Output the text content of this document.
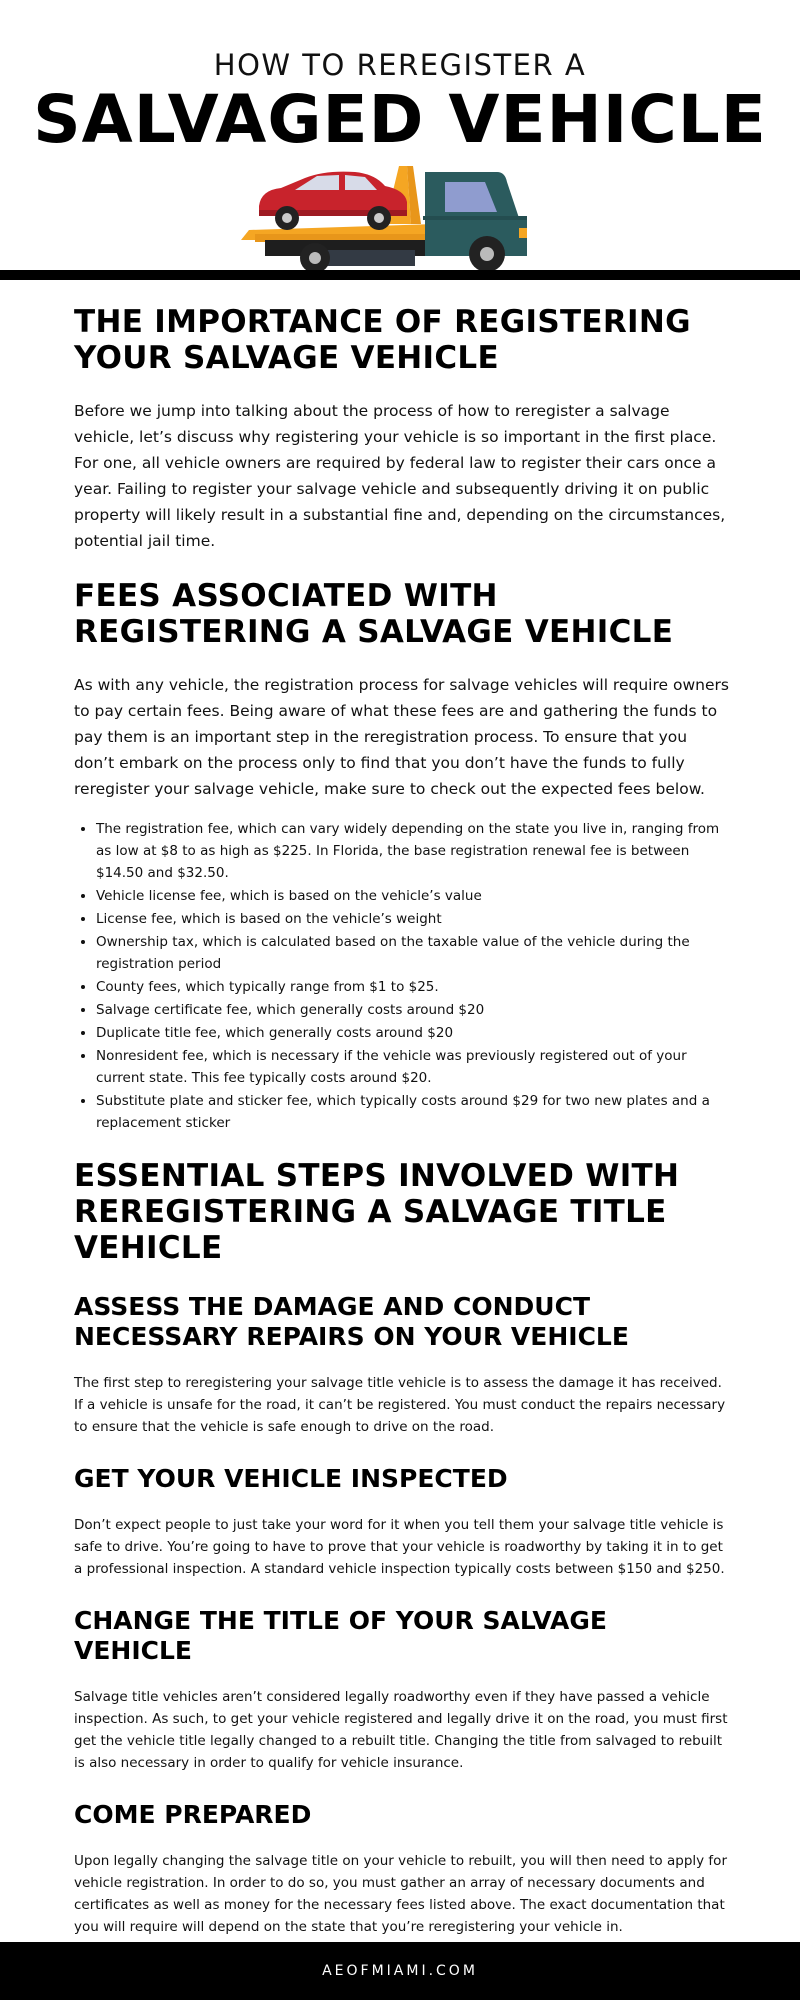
HOW TO REREGISTER A
SALVAGED VEHICLE
THE IMPORTANCE OF REGISTERING YOUR SALVAGE VEHICLE

Before we jump into talking about the process of how to reregister a salvage vehicle, let’s discuss why registering your vehicle is so important in the first place. For one, all vehicle owners are required by federal law to register their cars once a year. Failing to register your salvage vehicle and subsequently driving it on public property will likely result in a substantial fine and, depending on the circumstances, potential jail time.

FEES ASSOCIATED WITH REGISTERING A SALVAGE VEHICLE

As with any vehicle, the registration process for salvage vehicles will require owners to pay certain fees. Being aware of what these fees are and gathering the funds to pay them is an important step in the reregistration process. To ensure that you don’t embark on the process only to find that you don’t have the funds to fully reregister your salvage vehicle, make sure to check out the expected fees below.

• The registration fee, which can vary widely depending on the state you live in, ranging from as low at $8 to as high as $225. In Florida, the base registration renewal fee is between $14.50 and $32.50.
• Vehicle license fee, which is based on the vehicle’s value
• License fee, which is based on the vehicle’s weight
• Ownership tax, which is calculated based on the taxable value of the vehicle during the registration period
• County fees, which typically range from $1 to $25.
• Salvage certificate fee, which generally costs around $20
• Duplicate title fee, which generally costs around $20
• Nonresident fee, which is necessary if the vehicle was previously registered out of your current state. This fee typically costs around $20.
• Substitute plate and sticker fee, which typically costs around $29 for two new plates and a replacement sticker
ESSENTIAL STEPS INVOLVED WITH REREGISTERING A SALVAGE TITLE VEHICLE
ASSESS THE DAMAGE AND CONDUCT NECESSARY REPAIRS ON YOUR VEHICLE

The first step to reregistering your salvage title vehicle is to assess the damage it has received. If a vehicle is unsafe for the road, it can’t be registered. You must conduct the repairs necessary to ensure that the vehicle is safe enough to drive on the road.

GET YOUR VEHICLE INSPECTED

Don’t expect people to just take your word for it when you tell them your salvage title vehicle is safe to drive. You’re going to have to prove that your vehicle is roadworthy by taking it in to get a professional inspection. A standard vehicle inspection typically costs between $150 and $250.

CHANGE THE TITLE OF YOUR SALVAGE VEHICLE

Salvage title vehicles aren’t considered legally roadworthy even if they have passed a vehicle inspection. As such, to get your vehicle registered and legally drive it on the road, you must first get the vehicle title legally changed to a rebuilt title. Changing the title from salvaged to rebuilt is also necessary in order to qualify for vehicle insurance.

COME PREPARED

Upon legally changing the salvage title on your vehicle to rebuilt, you will then need to apply for vehicle registration. In order to do so, you must gather an array of necessary documents and certificates as well as money for the necessary fees listed above. The exact documentation that you will require will depend on the state that you’re reregistering your vehicle in.

AEOFMIAMI.COM
